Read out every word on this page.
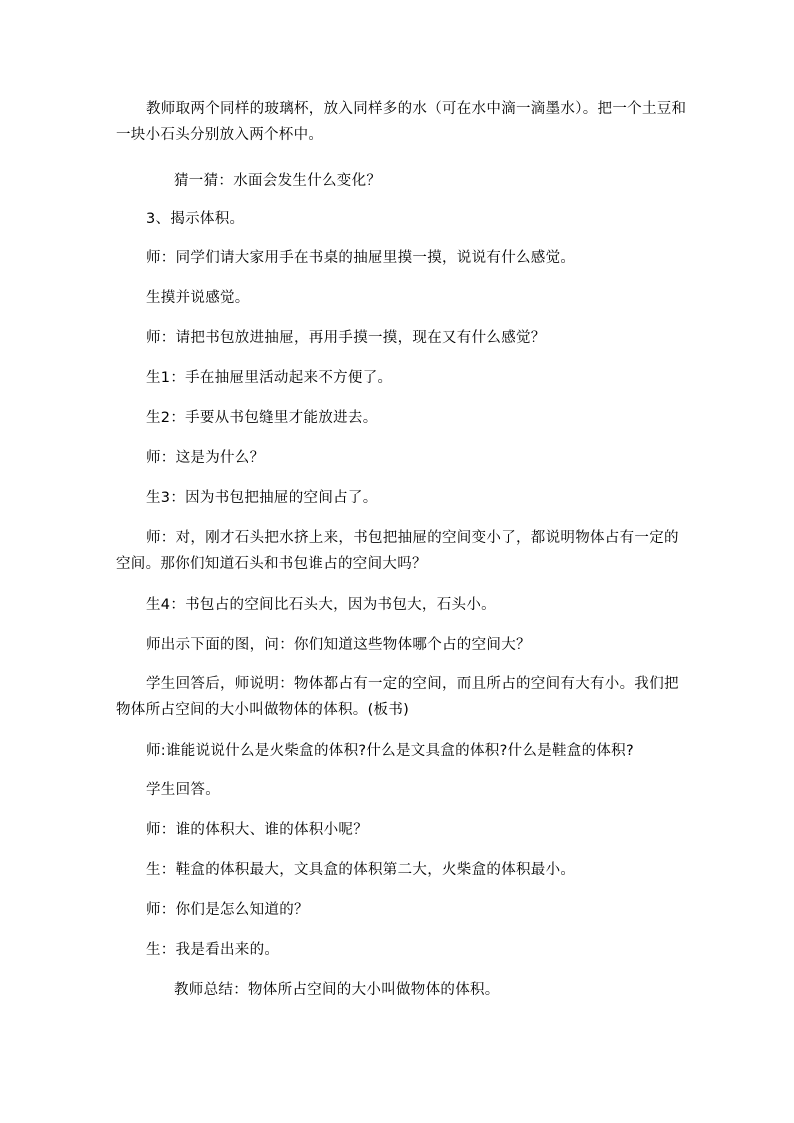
教师取两个同样的玻璃杯，放入同样多的水（可在水中滴一滴墨水）。把一个土豆和一块小石头分别放入两个杯中。

猜一猜：水面会发生什么变化？

3、揭示体积。

师：同学们请大家用手在书桌的抽屉里摸一摸，说说有什么感觉。

生摸并说感觉。

师：请把书包放进抽屉，再用手摸一摸，现在又有什么感觉？

生1：手在抽屉里活动起来不方便了。

生2：手要从书包缝里才能放进去。

师：这是为什么？

生3：因为书包把抽屉的空间占了。

师：对，刚才石头把水挤上来，书包把抽屉的空间变小了，都说明物体占有一定的空间。那你们知道石头和书包谁占的空间大吗？

生4：书包占的空间比石头大，因为书包大，石头小。

师出示下面的图，问：你们知道这些物体哪个占的空间大？

学生回答后，师说明：物体都占有一定的空间，而且所占的空间有大有小。我们把物体所占空间的大小叫做物体的体积。(板书)

师:谁能说说什么是火柴盒的体积?什么是文具盒的体积?什么是鞋盒的体积?

学生回答。

师：谁的体积大、谁的体积小呢？

生：鞋盒的体积最大，文具盒的体积第二大，火柴盒的体积最小。

师：你们是怎么知道的？

生：我是看出来的。

教师总结：物体所占空间的大小叫做物体的体积。
